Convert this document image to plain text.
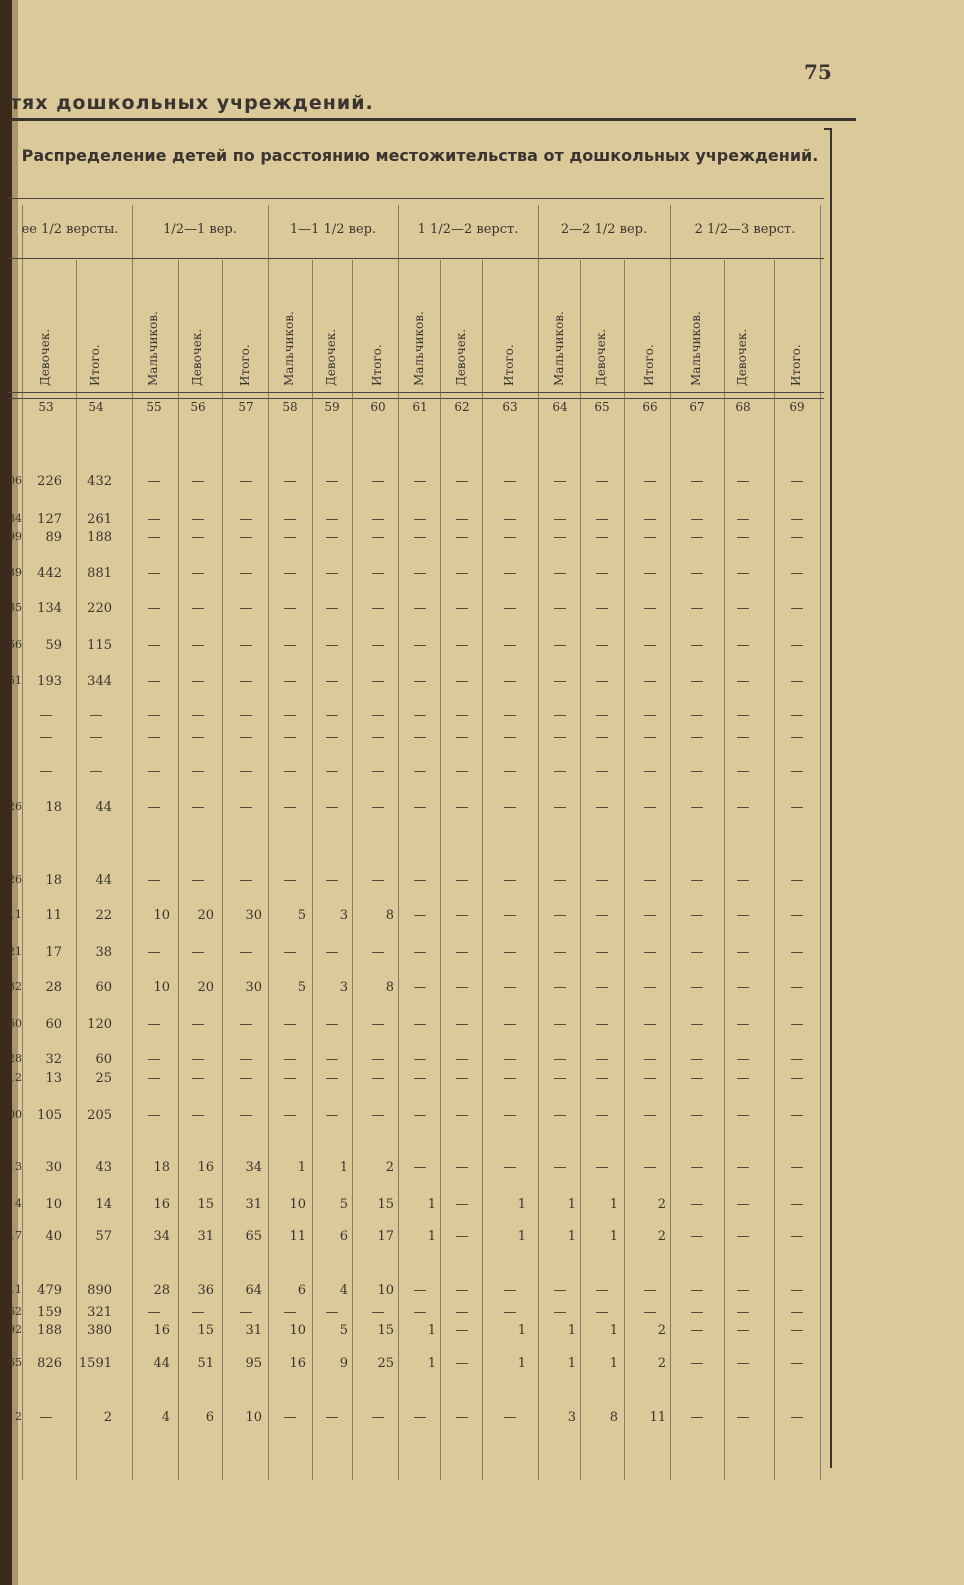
75
тях дошкольных учреждений.
Распределение детей по расстоянию местожительства от дошкольных учреждений.
ее 1/2 версты.	1/2—1 вер.	1—1 1/2 вер.	1 1/2—2 верст.	2—2 1/2 вер.	2 1/2—3 верст.
Девочек.	Итого.	Мальчиков.	Девочек.	Итого.	Мальчиков. Девочек.	Итого. Мальчиков. Девочек.	Итого.	Мальчиков. Девочек.	Итого.	Мальчиков.	Девочек.	Итого.
53	54	55	56	57	58	59	60	61	62	63	64	65	66	67	68	69
06	226	432	—	—	—	—	—	—	—	—	—	—	—	—	—	—	—
34	127	261	—	—	—	—	—	—	—	—	—	—	—	—	—	—	—
99	89	188	—	—	—	—	—	—	—	—	—	—	—	—	—	—	—
39	442	881	—	—	—	—	—	—	—	—	—	—	—	—	—	—	—
35	134	220	—	—	—	—	—	—	—	—	—	—	—	—	—	—	—
56	59	115	—	—	—	—	—	—	—	—	—	—	—	—	—	—	—
51	193	344	—	—	—	—	—	—	—	—	—	—	—	—	—	—	—
—	—	—	—	—	—	—	—	—	—	—	—	—	—	—	—	—
—	—	—	—	—	—	—	—	—	—	—	—	—	—	—	—	—
—	—	—	—	—	—	—	—	—	—	—	—	—	—	—	—	—
26	18	44	—	—	—	—	—	—	—	—	—	—	—	—	—	—	—
26	18	44	—	—	—	—	—	—	—	—	—	—	—	—	—	—	—
11	11	22	10	20	30	5	3	8	—	—	—	—	—	—	—	—	—
21	17	38	—	—	—	—	—	—	—	—	—	—	—	—	—	—	—
32	28	60	10	20	30	5	3	8	—	—	—	—	—	—	—	—	—
60	60	120	—	—	—	—	—	—	—	—	—	—	—	—	—	—	—
28	32	60	—	—	—	—	—	—	—	—	—	—	—	—	—	—	—
12	13	25	—	—	—	—	—	—	—	—	—	—	—	—	—	—	—
00	105	205	—	—	—	—	—	—	—	—	—	—	—	—	—	—	—
13	30	43	18	16	34	1	1	2	—	—	—	—	—	—	—	—	—
4	10	14	16	15	31	10	5	15	1	—	1	1	1	2	—	—	—
17	40	57	34	31	65	11	6	17	1	—	1	1	1	2	—	—	—
11	479	890	28	36	64	6	4	10	—	—	—	—	—	—	—	—	—
62	159	321	—	—	—	—	—	—	—	—	—	—	—	—	—	—	—
92	188	380	16	15	31	10	5	15	1	—	1	1	1	2	—	—	—
65	826	1591	44	51	95	16	9	25	1	—	1	1	1	2	—	—	—
2	—	2	4	6	10	—	—	—	—	—	—	3	8	11	—	—	—
